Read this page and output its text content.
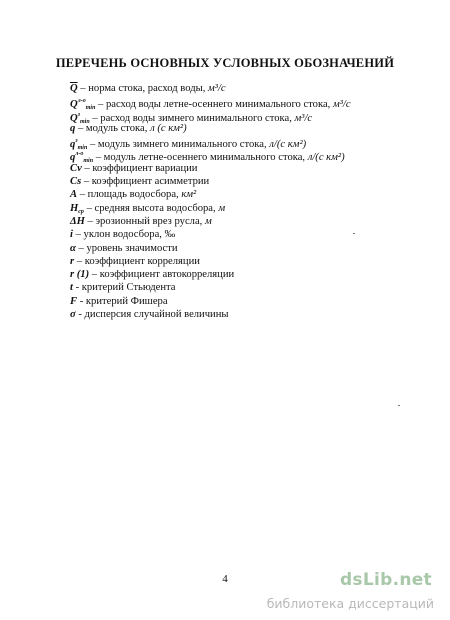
ПЕРЕЧЕНЬ ОСНОВНЫХ УСЛОВНЫХ ОБОЗНАЧЕНИЙ
$\overline{Q}$ – норма стока, расход воды, м³/с
$Q^{л-о}_{min}$ – расход воды летне-осеннего минимального стока, м³/с
$Q^з_{min}$ – расход воды зимнего минимального стока, м³/с
q – модуль стока, л (с км²)
$q^з_{min}$ – модуль зимнего минимального стока, л/(с км²)
$q^{л-о}_{min}$ – модуль летне-осеннего минимального стока, л/(с км²)
Cv – коэффициент вариации
Cs – коэффициент асимметрии
A – площадь водосбора, км²
$H_{ср}$ – средняя высота водосбора, м
ΔH – эрозионный врез русла, м
i – уклон водосбора, ‰
α – уровень значимости
r – коэффициент корреляции
r (1) – коэффициент автокорреляции
t - критерий Стьюдента
F - критерий Фишера
σ - дисперсия случайной величины
4	dsLib.net
библиотека диссертаций
